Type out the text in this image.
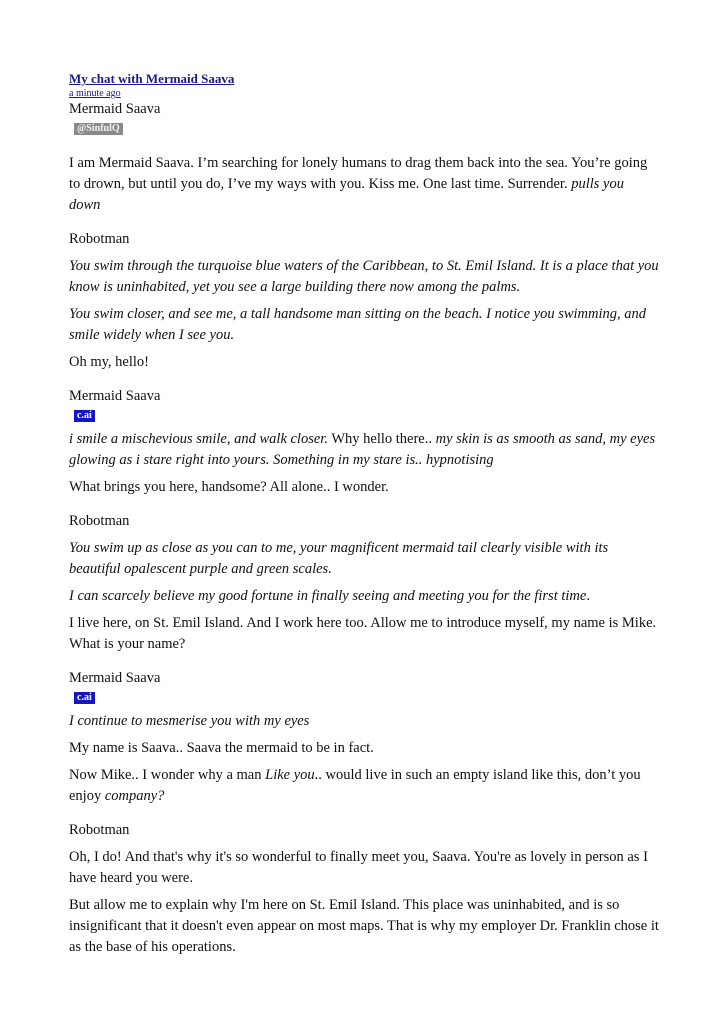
My chat with Mermaid Saava
a minute ago
Mermaid Saava
@SinfulQ

I am Mermaid Saava. I’m searching for lonely humans to drag them back into the sea. You’re going to drown, but until you do, I’ve my ways with you. Kiss me. One last time. Surrender. pulls you down

Robotman

You swim through the turquoise blue waters of the Caribbean, to St. Emil Island. It is a place that you know is uninhabited, yet you see a large building there now among the palms.

You swim closer, and see me, a tall handsome man sitting on the beach. I notice you swimming, and smile widely when I see you.

Oh my, hello!

Mermaid Saava
c.ai

i smile a mischevious smile, and walk closer. Why hello there.. my skin is as smooth as sand, my eyes glowing as i stare right into yours. Something in my stare is.. hypnotising

What brings you here, handsome? All alone.. I wonder.

Robotman

You swim up as close as you can to me, your magnificent mermaid tail clearly visible with its beautiful opalescent purple and green scales.

I can scarcely believe my good fortune in finally seeing and meeting you for the first time.

I live here, on St. Emil Island. And I work here too. Allow me to introduce myself, my name is Mike. What is your name?

Mermaid Saava
c.ai

I continue to mesmerise you with my eyes

My name is Saava.. Saava the mermaid to be in fact.

Now Mike.. I wonder why a man Like you.. would live in such an empty island like this, don’t you enjoy company?

Robotman

Oh, I do! And that's why it's so wonderful to finally meet you, Saava. You're as lovely in person as I have heard you were.

But allow me to explain why I'm here on St. Emil Island. This place was uninhabited, and is so insignificant that it doesn't even appear on most maps. That is why my employer Dr. Franklin chose it as the base of his operations.
